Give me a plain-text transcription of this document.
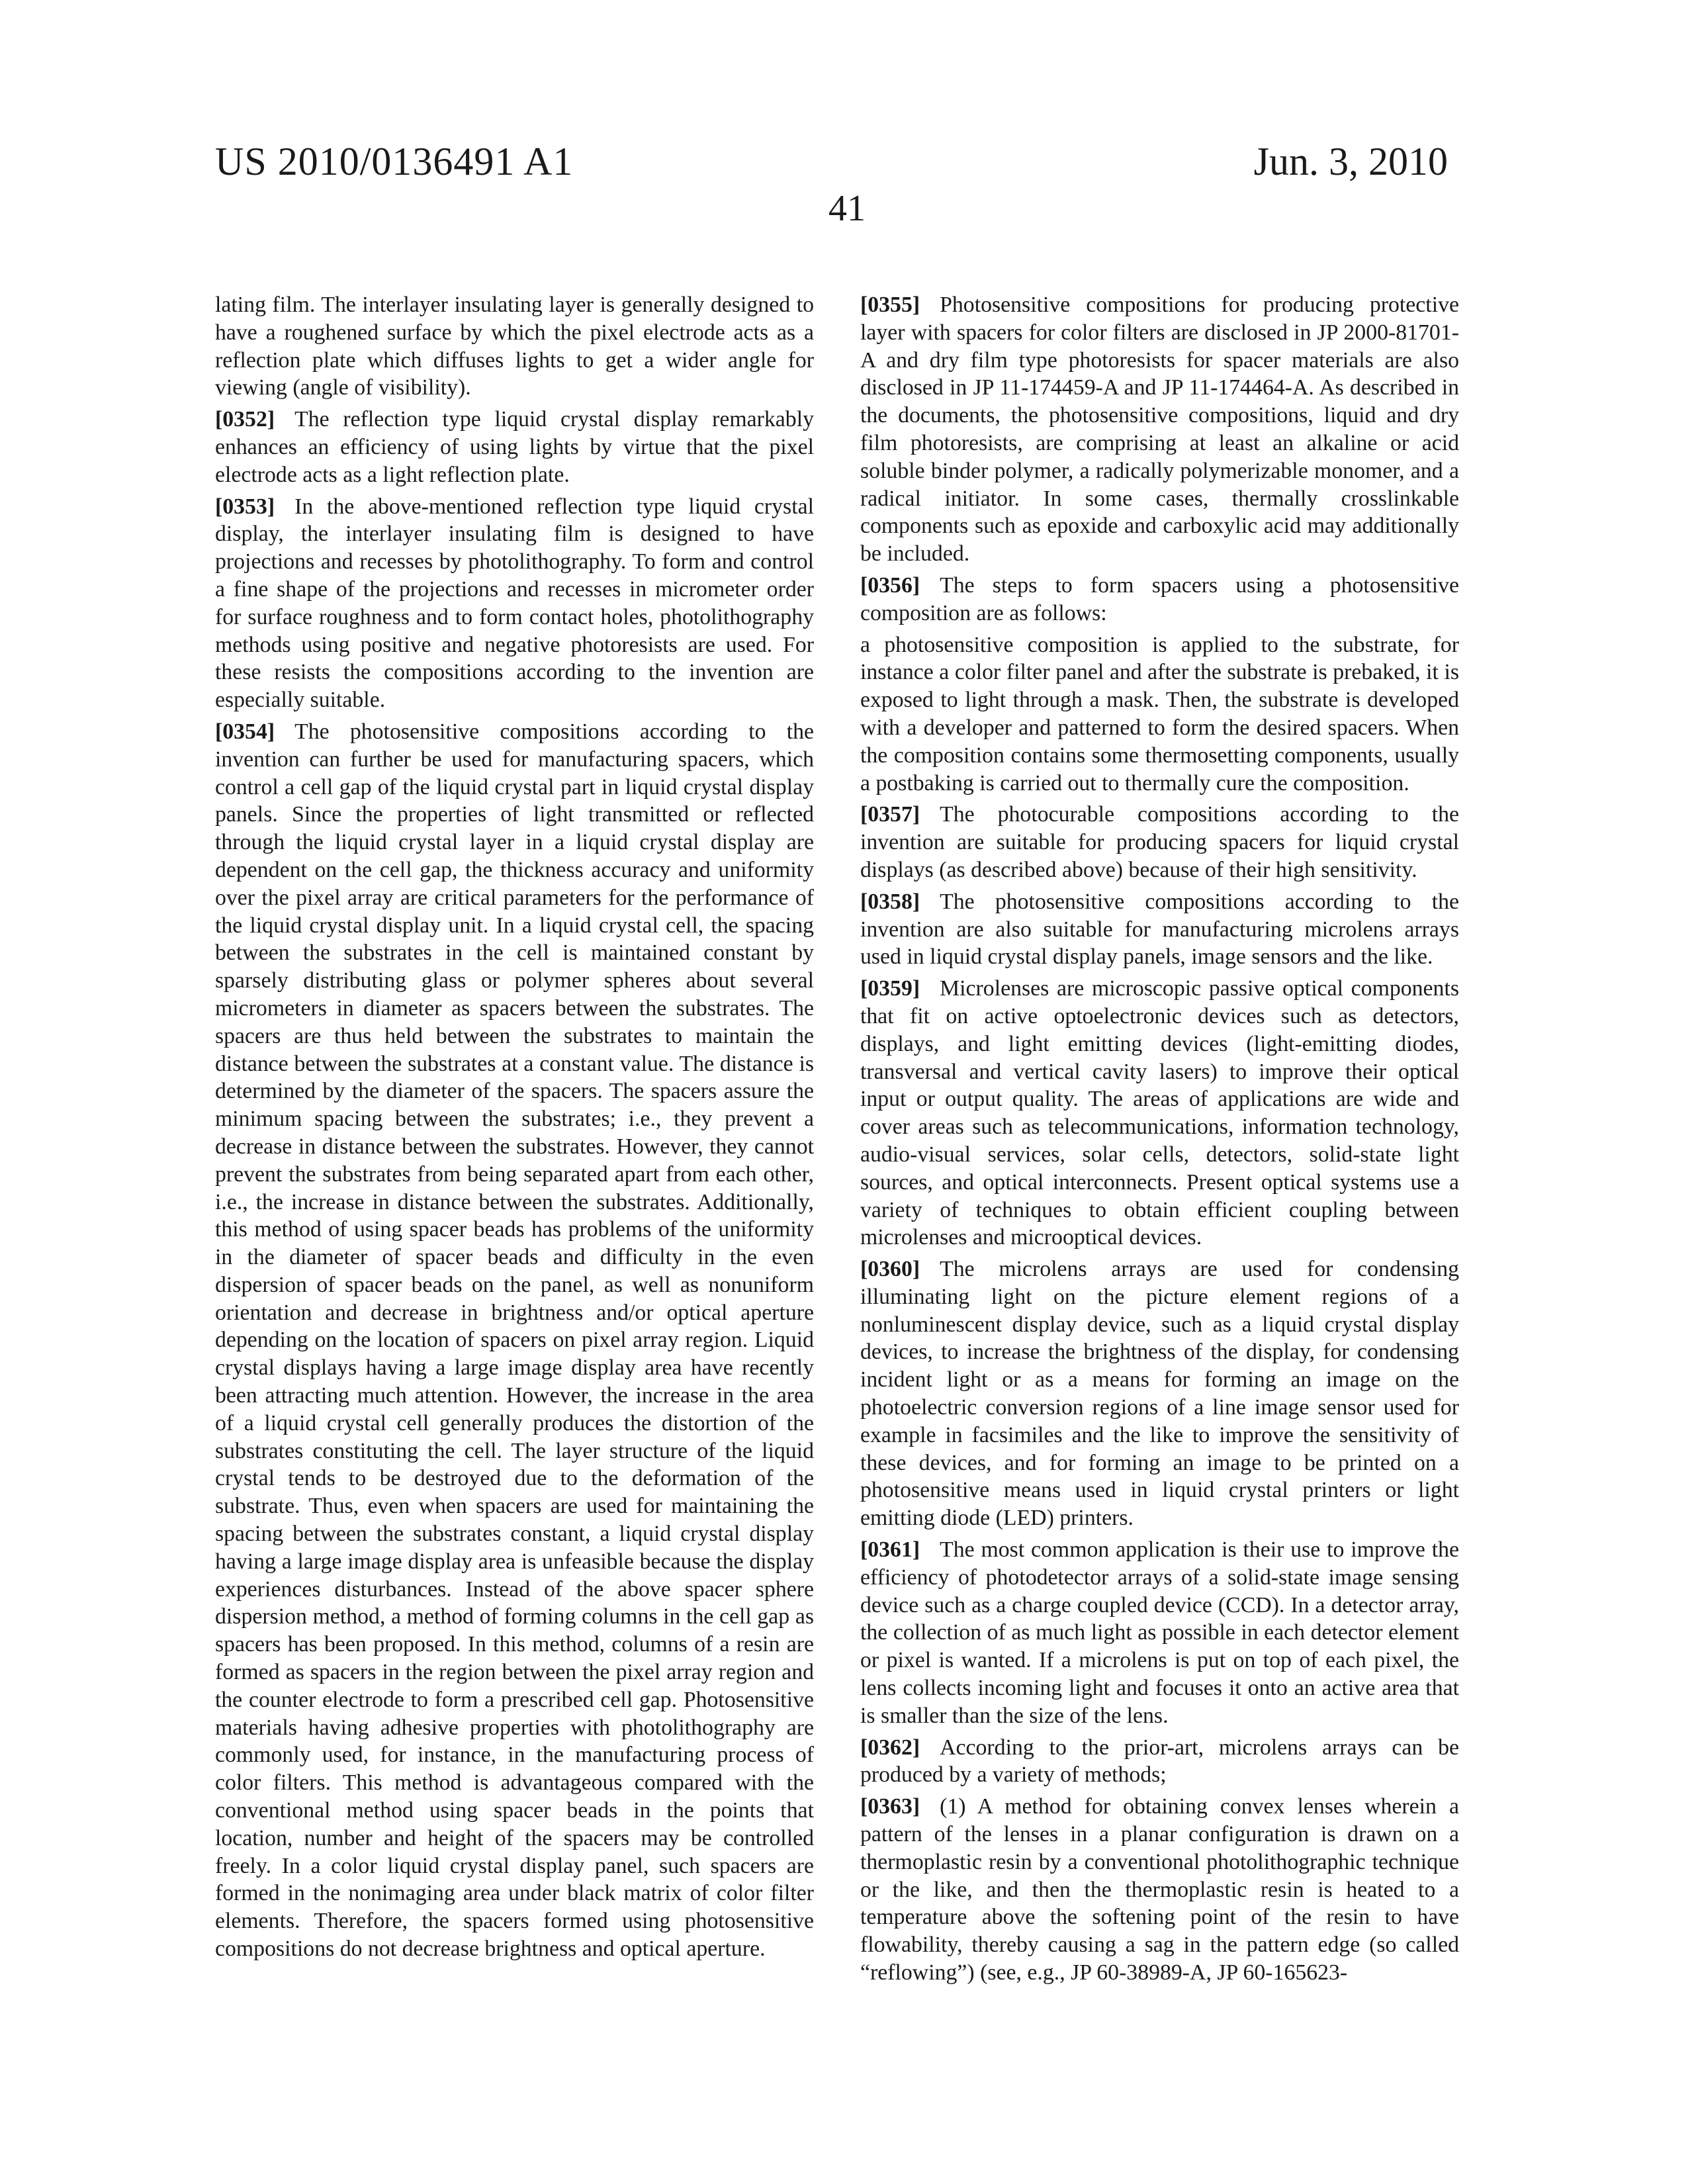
US 2010/0136491 A1	Jun. 3, 2010
41

lating film. The interlayer insulating layer is generally designed to have a roughened surface by which the pixel electrode acts as a reflection plate which diffuses lights to get a wider angle for viewing (angle of visibility).

[0352] The reflection type liquid crystal display remarkably enhances an efficiency of using lights by virtue that the pixel electrode acts as a light reflection plate.

[0353] In the above-mentioned reflection type liquid crystal display, the interlayer insulating film is designed to have projections and recesses by photolithography. To form and control a fine shape of the projections and recesses in micrometer order for surface roughness and to form contact holes, photolithography methods using positive and negative photoresists are used. For these resists the compositions according to the invention are especially suitable.

[0354] The photosensitive compositions according to the invention can further be used for manufacturing spacers, which control a cell gap of the liquid crystal part in liquid crystal display panels. Since the properties of light transmitted or reflected through the liquid crystal layer in a liquid crystal display are dependent on the cell gap, the thickness accuracy and uniformity over the pixel array are critical parameters for the performance of the liquid crystal display unit. In a liquid crystal cell, the spacing between the substrates in the cell is maintained constant by sparsely distributing glass or polymer spheres about several micrometers in diameter as spacers between the substrates. The spacers are thus held between the substrates to maintain the distance between the substrates at a constant value. The distance is determined by the diameter of the spacers. The spacers assure the minimum spacing between the substrates; i.e., they prevent a decrease in distance between the substrates. However, they cannot prevent the substrates from being separated apart from each other, i.e., the increase in distance between the substrates. Additionally, this method of using spacer beads has problems of the uniformity in the diameter of spacer beads and difficulty in the even dispersion of spacer beads on the panel, as well as nonuniform orientation and decrease in brightness and/or optical aperture depending on the location of spacers on pixel array region. Liquid crystal displays having a large image display area have recently been attracting much attention. However, the increase in the area of a liquid crystal cell generally produces the distortion of the substrates constituting the cell. The layer structure of the liquid crystal tends to be destroyed due to the deformation of the substrate. Thus, even when spacers are used for maintaining the spacing between the substrates constant, a liquid crystal display having a large image display area is unfeasible because the display experiences disturbances. Instead of the above spacer sphere dispersion method, a method of forming columns in the cell gap as spacers has been proposed. In this method, columns of a resin are formed as spacers in the region between the pixel array region and the counter electrode to form a prescribed cell gap. Photosensitive materials having adhesive properties with photolithography are commonly used, for instance, in the manufacturing process of color filters. This method is advantageous compared with the conventional method using spacer beads in the points that location, number and height of the spacers may be controlled freely. In a color liquid crystal display panel, such spacers are formed in the nonimaging area under black matrix of color filter elements. Therefore, the spacers formed using photosensitive compositions do not decrease brightness and optical aperture.

[0355] Photosensitive compositions for producing protective layer with spacers for color filters are disclosed in JP 2000-81701-A and dry film type photoresists for spacer materials are also disclosed in JP 11-174459-A and JP 11-174464-A. As described in the documents, the photosensitive compositions, liquid and dry film photoresists, are comprising at least an alkaline or acid soluble binder polymer, a radically polymerizable monomer, and a radical initiator. In some cases, thermally crosslinkable components such as epoxide and carboxylic acid may additionally be included.

[0356] The steps to form spacers using a photosensitive composition are as follows:

a photosensitive composition is applied to the substrate, for instance a color filter panel and after the substrate is prebaked, it is exposed to light through a mask. Then, the substrate is developed with a developer and patterned to form the desired spacers. When the composition contains some thermosetting components, usually a postbaking is carried out to thermally cure the composition.

[0357] The photocurable compositions according to the invention are suitable for producing spacers for liquid crystal displays (as described above) because of their high sensitivity.

[0358] The photosensitive compositions according to the invention are also suitable for manufacturing microlens arrays used in liquid crystal display panels, image sensors and the like.

[0359] Microlenses are microscopic passive optical components that fit on active optoelectronic devices such as detectors, displays, and light emitting devices (light-emitting diodes, transversal and vertical cavity lasers) to improve their optical input or output quality. The areas of applications are wide and cover areas such as telecommunications, information technology, audio-visual services, solar cells, detectors, solid-state light sources, and optical interconnects. Present optical systems use a variety of techniques to obtain efficient coupling between microlenses and microoptical devices.

[0360] The microlens arrays are used for condensing illuminating light on the picture element regions of a nonluminescent display device, such as a liquid crystal display devices, to increase the brightness of the display, for condensing incident light or as a means for forming an image on the photoelectric conversion regions of a line image sensor used for example in facsimiles and the like to improve the sensitivity of these devices, and for forming an image to be printed on a photosensitive means used in liquid crystal printers or light emitting diode (LED) printers.

[0361] The most common application is their use to improve the efficiency of photodetector arrays of a solid-state image sensing device such as a charge coupled device (CCD). In a detector array, the collection of as much light as possible in each detector element or pixel is wanted. If a microlens is put on top of each pixel, the lens collects incoming light and focuses it onto an active area that is smaller than the size of the lens.

[0362] According to the prior-art, microlens arrays can be produced by a variety of methods;

[0363] (1) A method for obtaining convex lenses wherein a pattern of the lenses in a planar configuration is drawn on a thermoplastic resin by a conventional photolithographic technique or the like, and then the thermoplastic resin is heated to a temperature above the softening point of the resin to have flowability, thereby causing a sag in the pattern edge (so called “reflowing”) (see, e.g., JP 60-38989-A, JP 60-165623-
